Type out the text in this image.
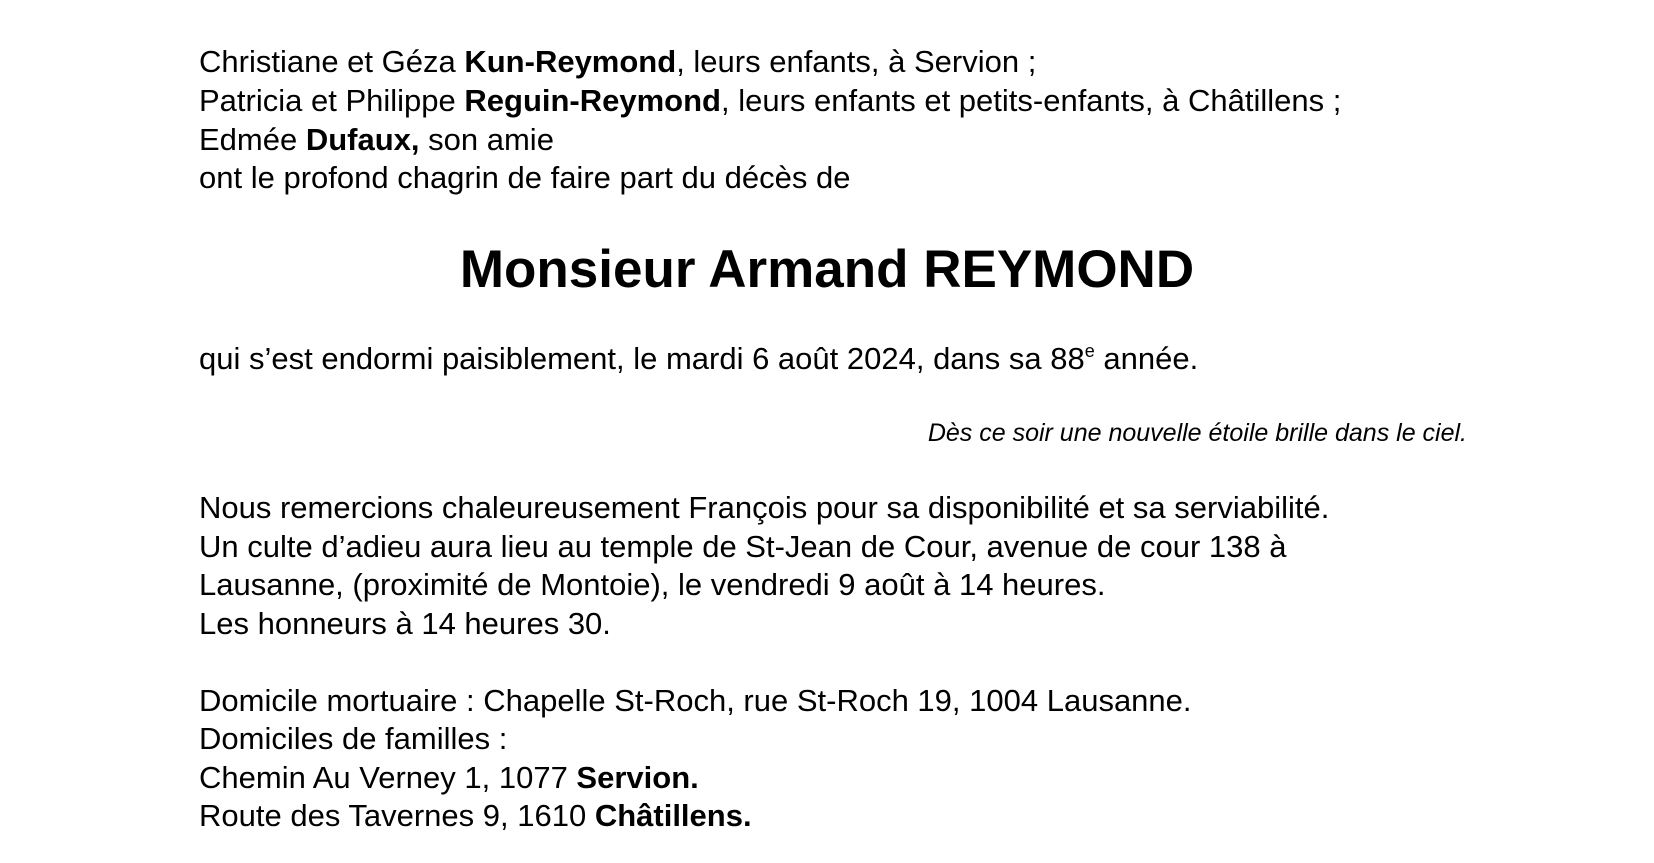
Christiane et Géza Kun-Reymond, leurs enfants, à Servion ;
Patricia et Philippe Reguin-Reymond, leurs enfants et petits-enfants, à Châtillens ;
Edmée Dufaux, son amie
ont le profond chagrin de faire part du décès de
Monsieur Armand REYMOND
qui s’est endormi paisiblement, le mardi 6 août 2024, dans sa 88e année.
Dès ce soir une nouvelle étoile brille dans le ciel.
Nous remercions chaleureusement François pour sa disponibilité et sa serviabilité.
Un culte d’adieu aura lieu au temple de St-Jean de Cour, avenue de cour 138 à
Lausanne, (proximité de Montoie), le vendredi 9 août à 14 heures.
Les honneurs à 14 heures 30.
Domicile mortuaire : Chapelle St-Roch, rue St-Roch 19, 1004 Lausanne.
Domiciles de familles :
Chemin Au Verney 1, 1077 Servion.
Route des Tavernes 9, 1610 Châtillens.
